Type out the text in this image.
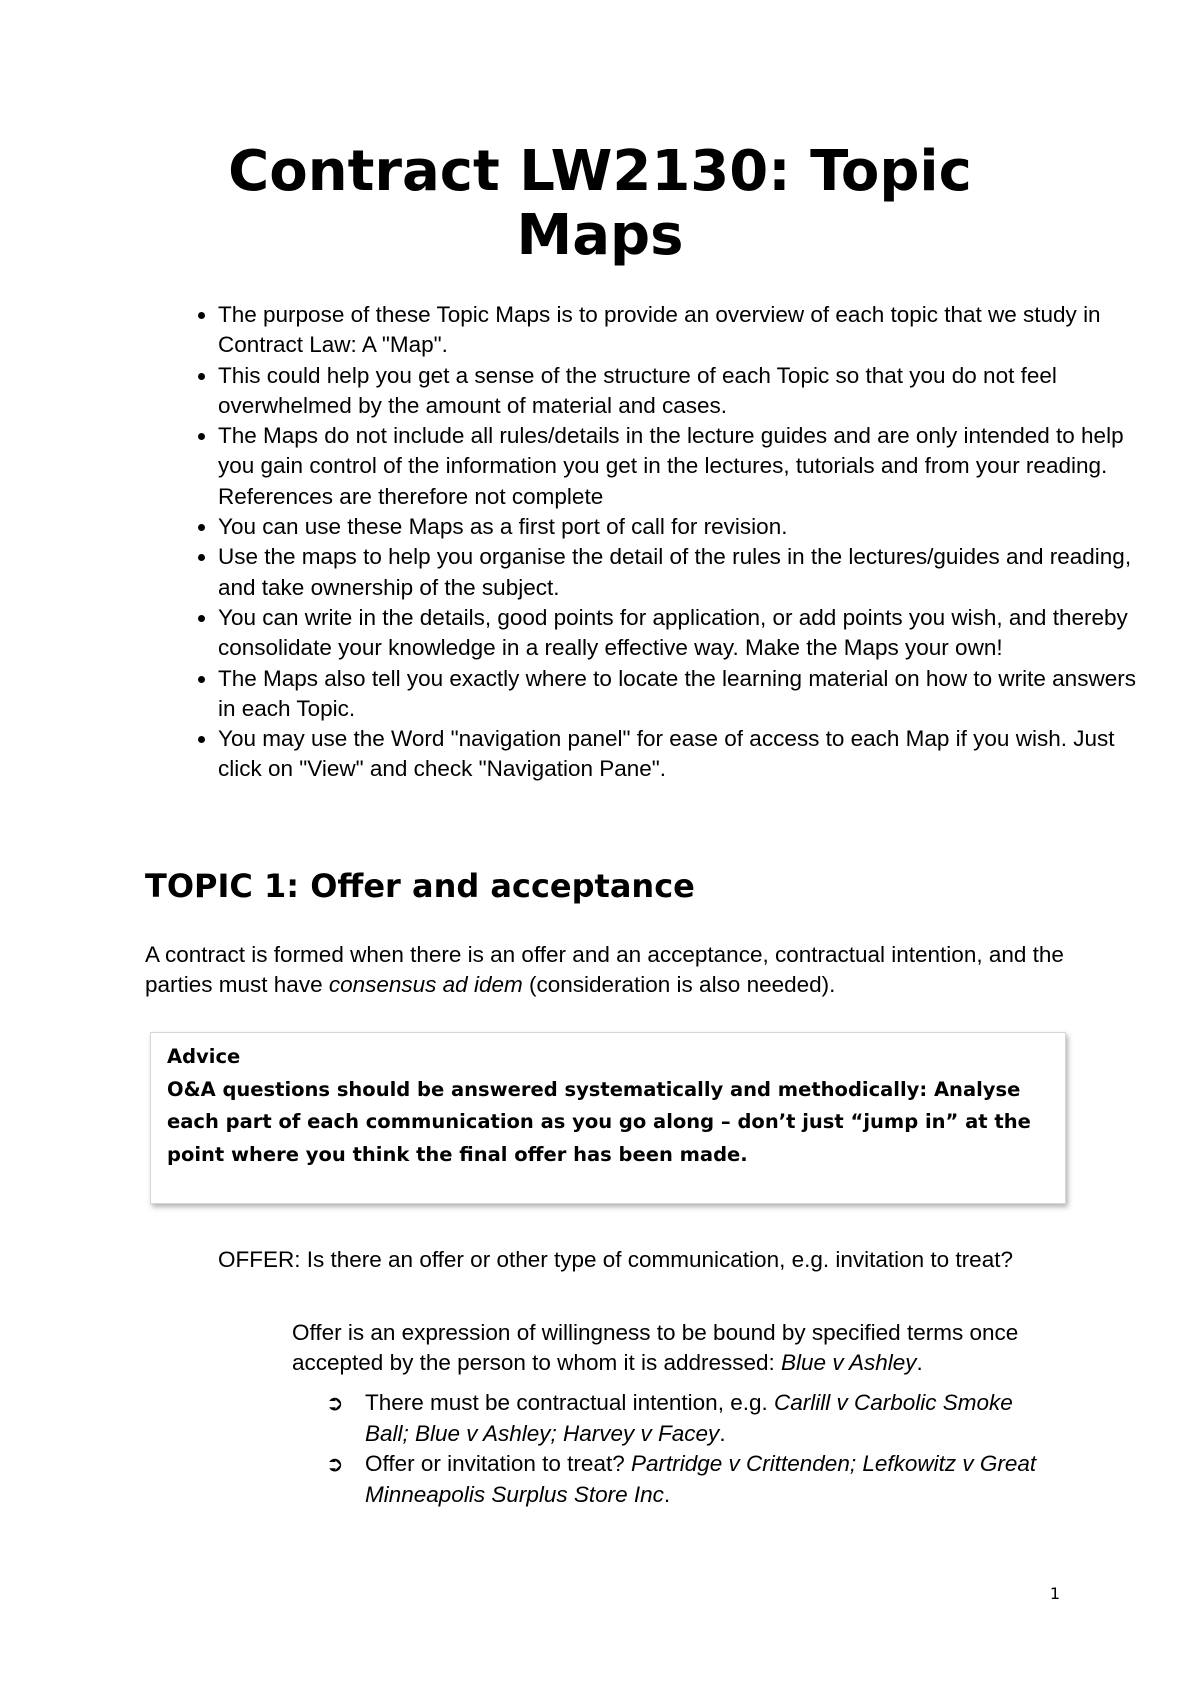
Contract LW2130: Topic Maps
• The purpose of these Topic Maps is to provide an overview of each topic that we study in Contract Law: A "Map".
• This could help you get a sense of the structure of each Topic so that you do not feel overwhelmed by the amount of material and cases.
• The Maps do not include all rules/details in the lecture guides and are only intended to help you gain control of the information you get in the lectures, tutorials and from your reading. References are therefore not complete
• You can use these Maps as a first port of call for revision.
• Use the maps to help you organise the detail of the rules in the lectures/guides and reading, and take ownership of the subject.
• You can write in the details, good points for application, or add points you wish, and thereby consolidate your knowledge in a really effective way. Make the Maps your own!
• The Maps also tell you exactly where to locate the learning material on how to write answers in each Topic.
• You may use the Word "navigation panel" for ease of access to each Map if you wish. Just click on "View" and check "Navigation Pane".
TOPIC 1: Offer and acceptance

A contract is formed when there is an offer and an acceptance, contractual intention, and the parties must have consensus ad idem (consideration is also needed).

Advice
O&A questions should be answered systematically and methodically: Analyse each part of each communication as you go along – don’t just “jump in” at the point where you think the final offer has been made.

OFFER: Is there an offer or other type of communication, e.g. invitation to treat?

Offer is an expression of willingness to be bound by specified terms once accepted by the person to whom it is addressed: Blue v Ashley.

➲ There must be contractual intention, e.g. Carlill v Carbolic Smoke Ball; Blue v Ashley; Harvey v Facey.
➲ Offer or invitation to treat? Partridge v Crittenden; Lefkowitz v Great Minneapolis Surplus Store Inc.
1
